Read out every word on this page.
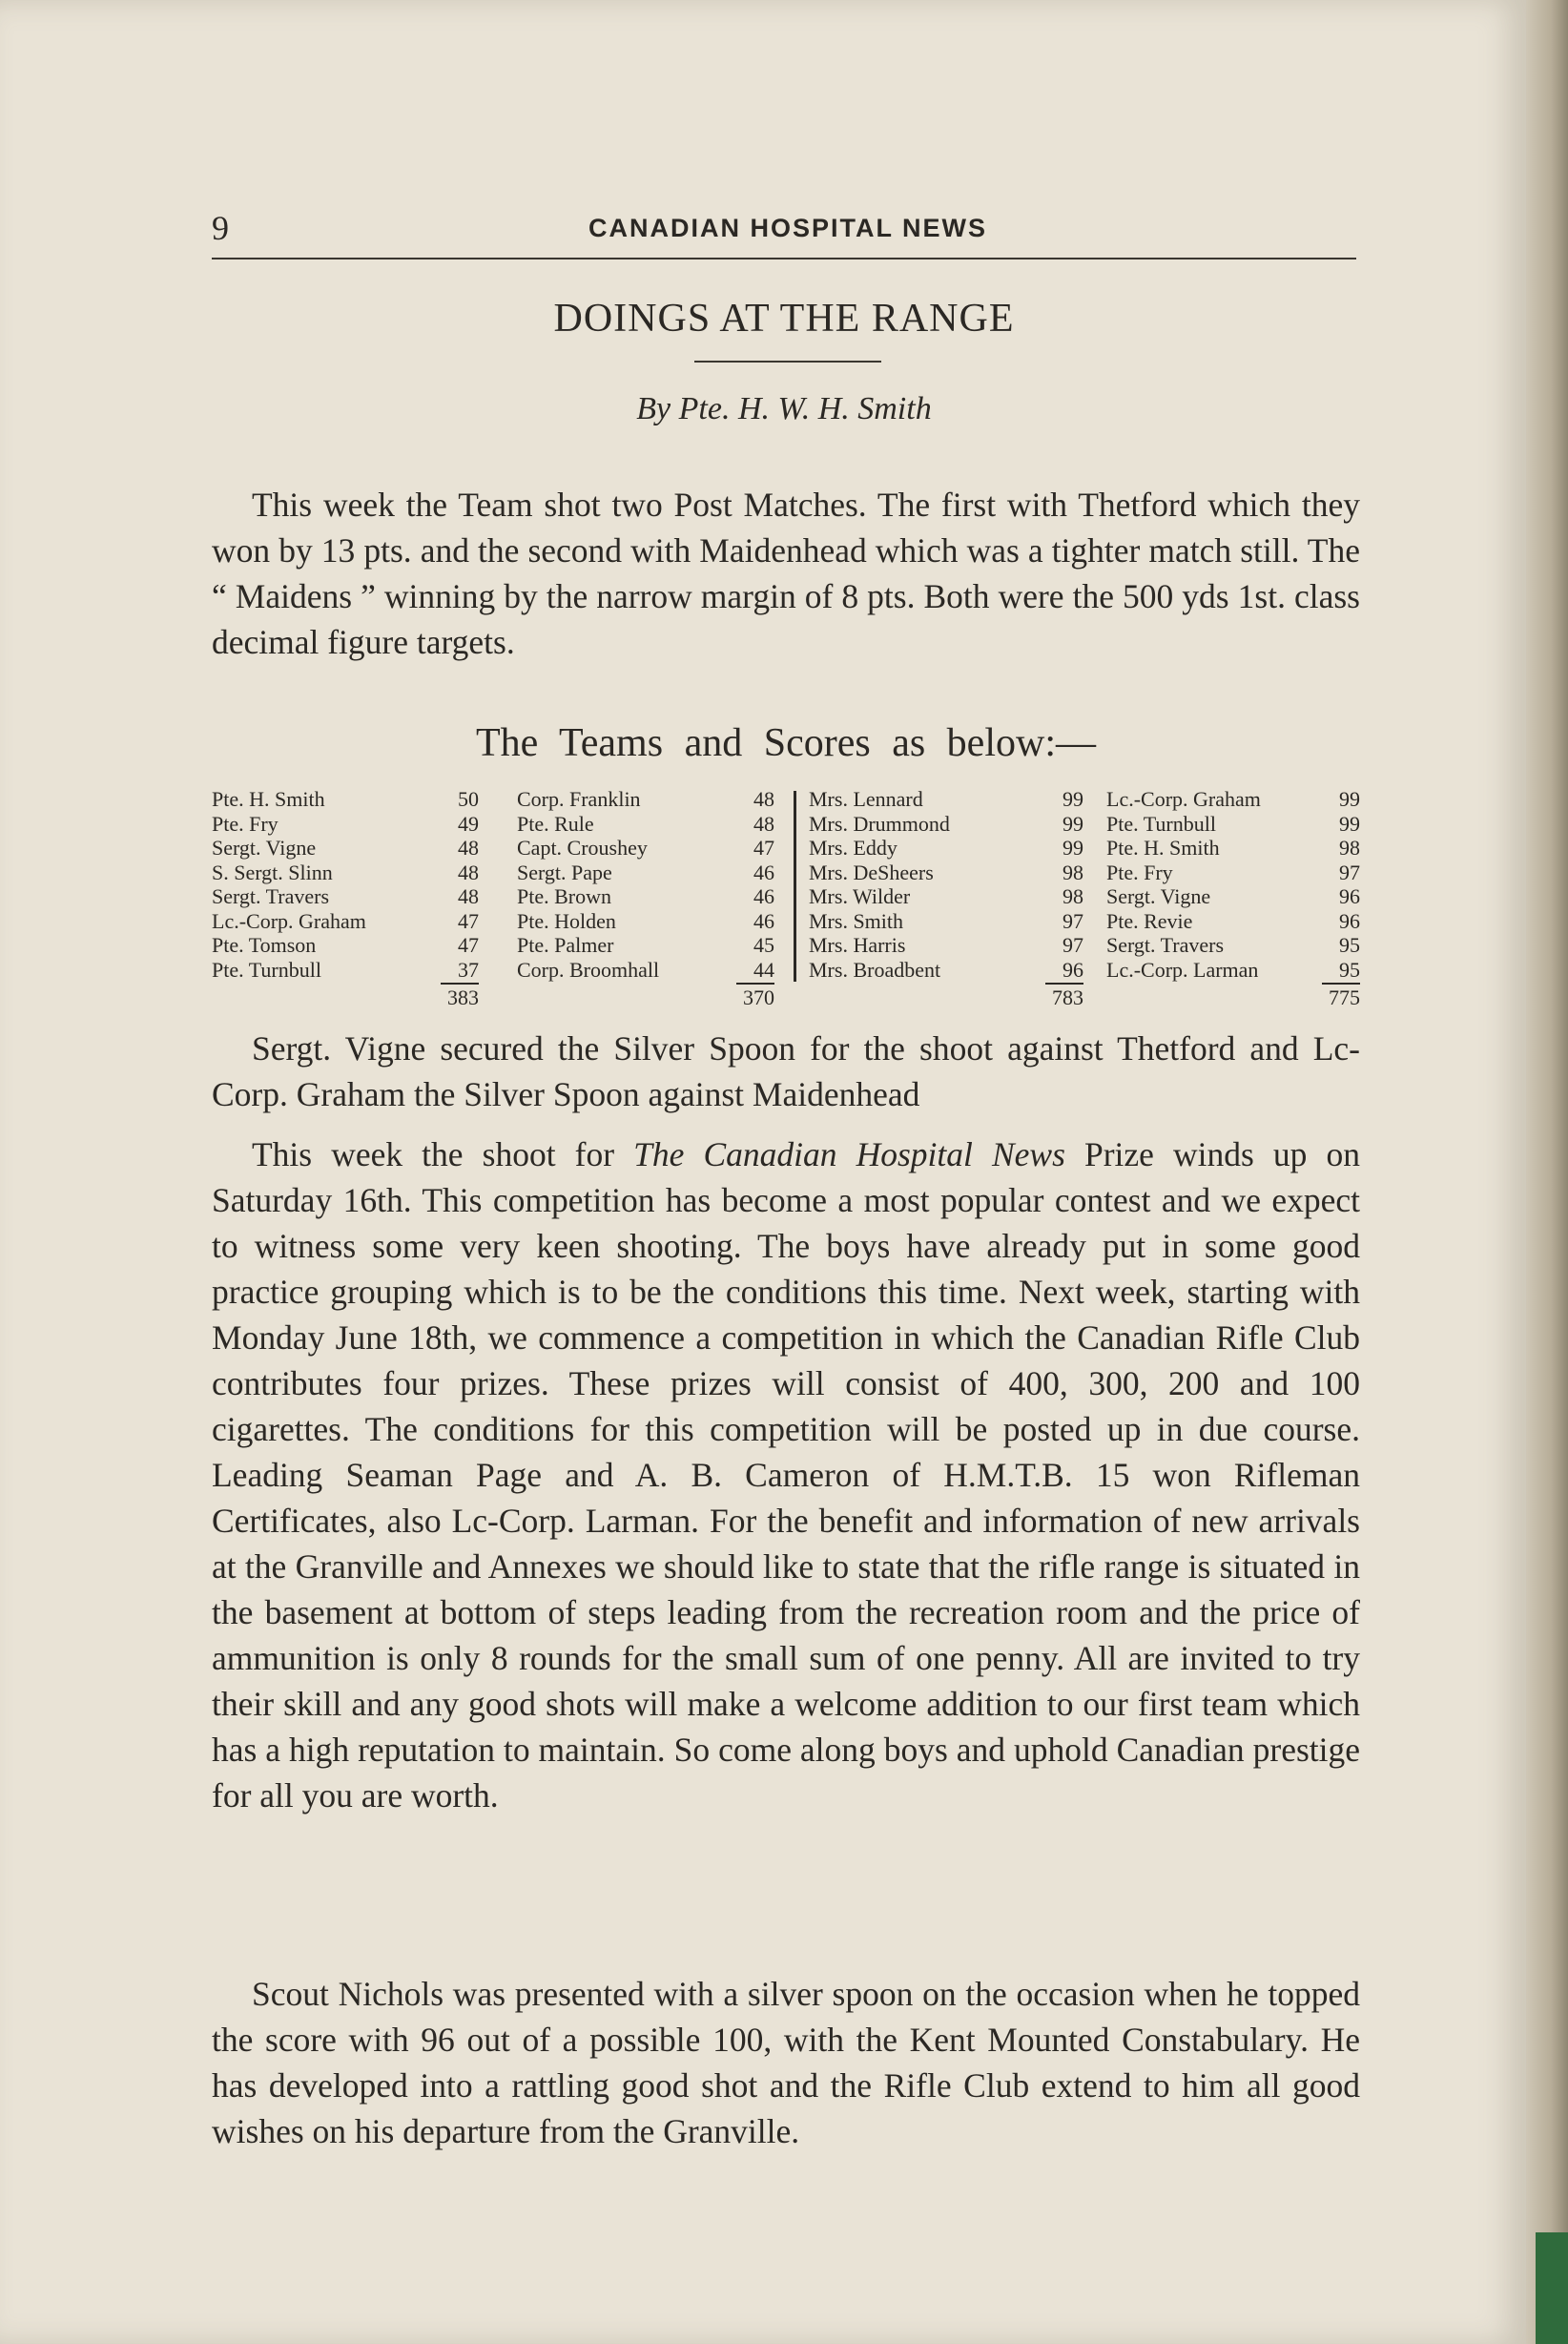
9	CANADIAN HOSPITAL NEWS
DOINGS AT THE RANGE
By Pte. H. W. H. Smith

This week the Team shot two Post Matches. The first with Thetford which they won by 13 pts. and the second with Maidenhead which was a tighter match still. The “ Maidens ” winning by the narrow margin of 8 pts. Both were the 500 yds 1st. class decimal figure targets.

The Teams and Scores as below:—
Pte. H. Smith	50
Pte. Fry	49
Sergt. Vigne	48
S. Sergt. Slinn	48
Sergt. Travers	48
Lc.-Corp. Graham	47
Pte. Tomson	47
Pte. Turnbull	37
383
Corp. Franklin	48
Pte. Rule	48
Capt. Croushey	47
Sergt. Pape	46
Pte. Brown	46
Pte. Holden	46
Pte. Palmer	45
Corp. Broomhall	44
370
Mrs. Lennard	99
Mrs. Drummond	99
Mrs. Eddy	99
Mrs. DeSheers	98
Mrs. Wilder	98
Mrs. Smith	97
Mrs. Harris	97
Mrs. Broadbent	96
783
Lc.-Corp. Graham	99
Pte. Turnbull	99
Pte. H. Smith	98
Pte. Fry	97
Sergt. Vigne	96
Pte. Revie	96
Sergt. Travers	95
Lc.-Corp. Larman	95
775

Sergt. Vigne secured the Silver Spoon for the shoot against Thetford and Lc-Corp. Graham the Silver Spoon against Maidenhead

This week the shoot for The Canadian Hospital News Prize winds up on Saturday 16th. This competition has become a most popular contest and we expect to witness some very keen shooting. The boys have already put in some good practice grouping which is to be the conditions this time. Next week, starting with Monday June 18th, we commence a competition in which the Canadian Rifle Club contributes four prizes. These prizes will consist of 400, 300, 200 and 100 cigarettes. The conditions for this competition will be posted up in due course. Leading Seaman Page and A. B. Cameron of H.M.T.B. 15 won Rifleman Certificates, also Lc-Corp. Larman. For the benefit and information of new arrivals at the Granville and Annexes we should like to state that the rifle range is situated in the basement at bottom of steps leading from the recreation room and the price of ammunition is only 8 rounds for the small sum of one penny. All are invited to try their skill and any good shots will make a welcome addition to our first team which has a high reputation to maintain. So come along boys and uphold Canadian prestige for all you are worth.

Scout Nichols was presented with a silver spoon on the occasion when he topped the score with 96 out of a possible 100, with the Kent Mounted Constabulary. He has developed into a rattling good shot and the Rifle Club extend to him all good wishes on his departure from the Granville.
